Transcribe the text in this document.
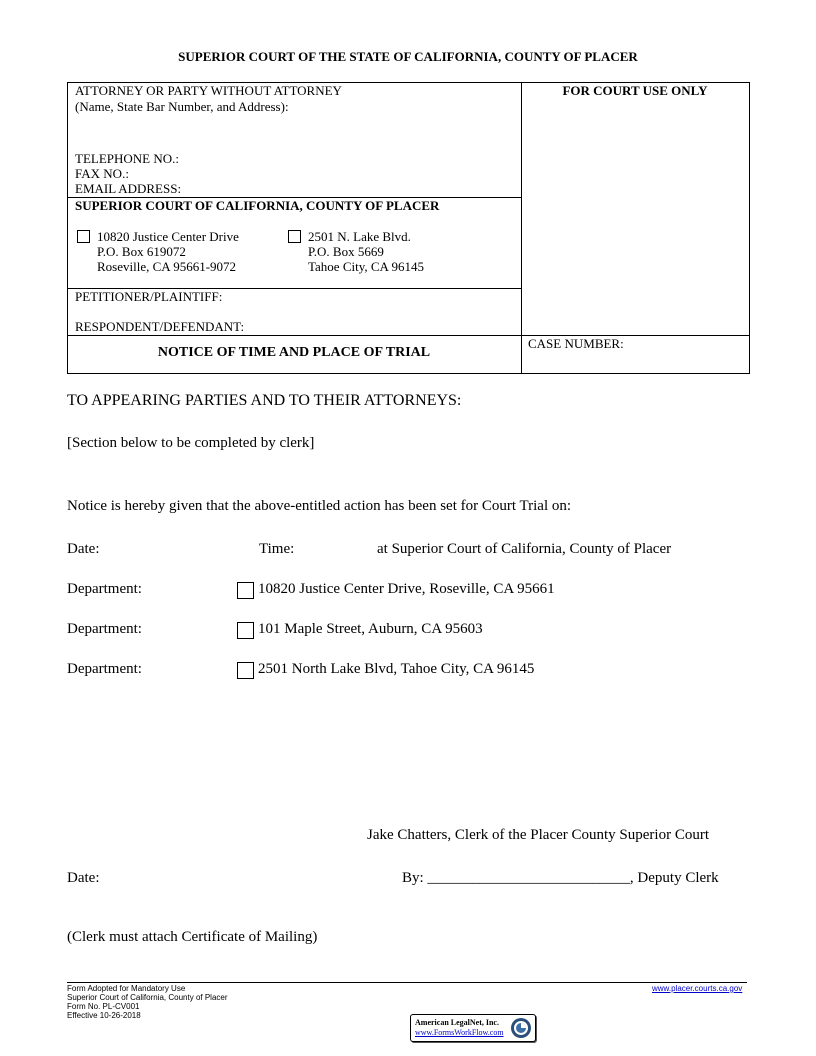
SUPERIOR COURT OF THE STATE OF CALIFORNIA, COUNTY OF PLACER
ATTORNEY OR PARTY WITHOUT ATTORNEY
(Name, State Bar Number, and Address):
TELEPHONE NO.:
FAX NO.:
EMAIL ADDRESS:
FOR COURT USE ONLY
SUPERIOR COURT OF CALIFORNIA, COUNTY OF PLACER
10820 Justice Center Drive
P.O. Box 619072
Roseville, CA 95661-9072
2501 N. Lake Blvd.
P.O. Box 5669
Tahoe City, CA 96145
PETITIONER/PLAINTIFF:
RESPONDENT/DEFENDANT:
NOTICE OF TIME AND PLACE OF TRIAL
CASE NUMBER:
TO APPEARING PARTIES AND TO THEIR ATTORNEYS:
[Section below to be completed by clerk]
Notice is hereby given that the above-entitled action has been set for Court Trial on:
Date:	Time:	at Superior Court of California, County of Placer
Department:	10820 Justice Center Drive, Roseville, CA 95661
Department:	101 Maple Street, Auburn, CA 95603
Department:	2501 North Lake Blvd, Tahoe City, CA 96145
Jake Chatters, Clerk of the Placer County Superior Court
Date:	By: ___________________________, Deputy Clerk
(Clerk must attach Certificate of Mailing)
Form Adopted for Mandatory Use
Superior Court of California, County of Placer
Form No. PL-CV001
Effective 10-26-2018
www.placer.courts.ca.gov
American LegalNet, Inc.
www.FormsWorkFlow.com
